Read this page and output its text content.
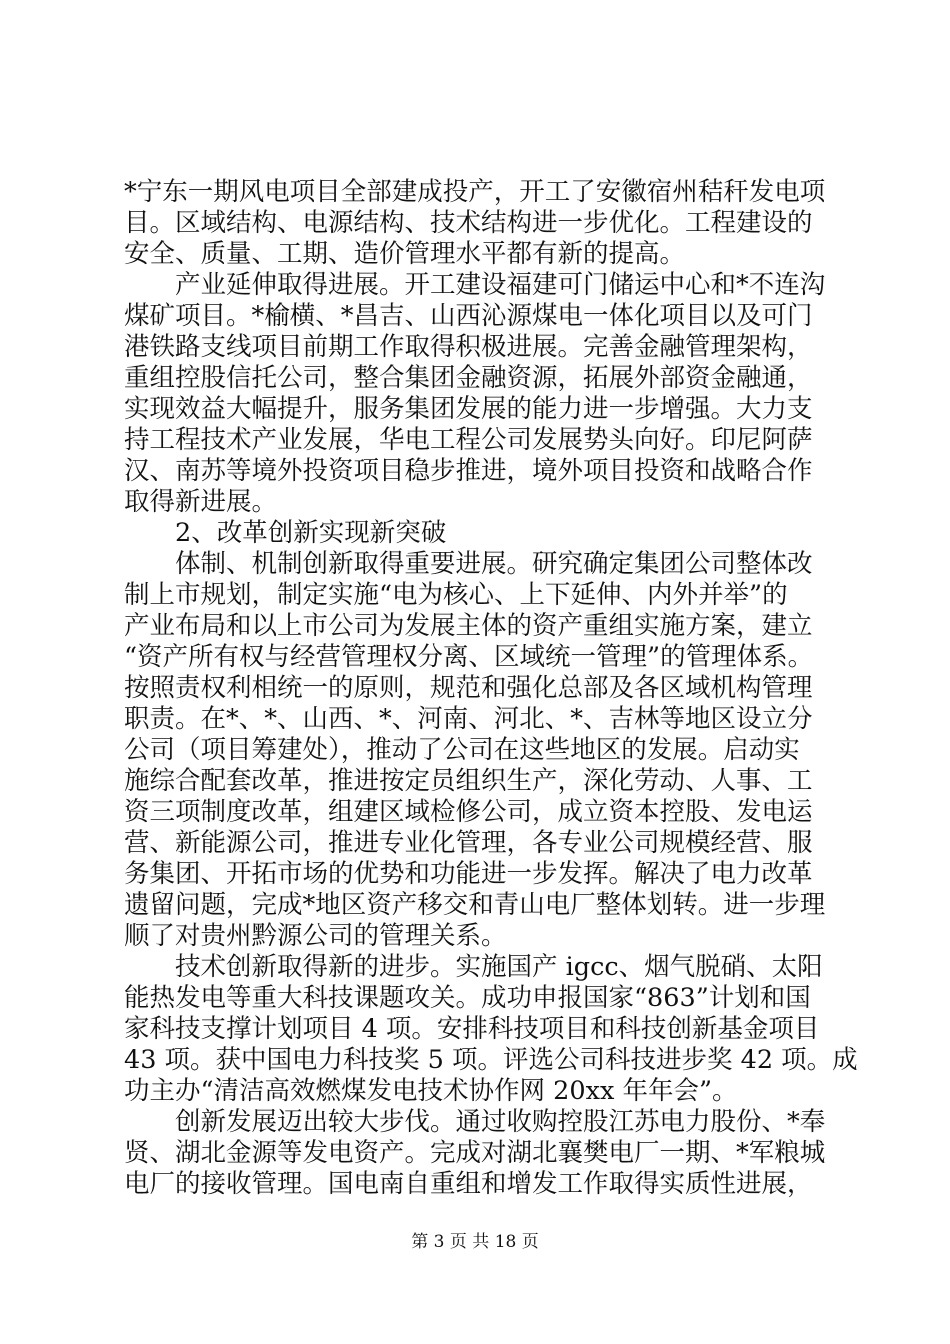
*宁东一期风电项目全部建成投产，开工了安徽宿州秸秆发电项
目。区域结构、电源结构、技术结构进一步优化。工程建设的
安全、质量、工期、造价管理水平都有新的提高。
　　产业延伸取得进展。开工建设福建可门储运中心和*不连沟
煤矿项目。*榆横、*昌吉、山西沁源煤电一体化项目以及可门
港铁路支线项目前期工作取得积极进展。完善金融管理架构，
重组控股信托公司，整合集团金融资源，拓展外部资金融通，
实现效益大幅提升，服务集团发展的能力进一步增强。大力支
持工程技术产业发展，华电工程公司发展势头向好。印尼阿萨
汉、南苏等境外投资项目稳步推进，境外项目投资和战略合作
取得新进展。
　　2、改革创新实现新突破
　　体制、机制创新取得重要进展。研究确定集团公司整体改
制上市规划，制定实施“电为核心、上下延伸、内外并举”的
产业布局和以上市公司为发展主体的资产重组实施方案，建立
“资产所有权与经营管理权分离、区域统一管理”的管理体系。
按照责权利相统一的原则，规范和强化总部及各区域机构管理
职责。在*、*、山西、*、河南、河北、*、吉林等地区设立分
公司（项目筹建处），推动了公司在这些地区的发展。启动实
施综合配套改革，推进按定员组织生产，深化劳动、人事、工
资三项制度改革，组建区域检修公司，成立资本控股、发电运
营、新能源公司，推进专业化管理，各专业公司规模经营、服
务集团、开拓市场的优势和功能进一步发挥。解决了电力改革
遗留问题，完成*地区资产移交和青山电厂整体划转。进一步理
顺了对贵州黔源公司的管理关系。
　　技术创新取得新的进步。实施国产 igcc、烟气脱硝、太阳
能热发电等重大科技课题攻关。成功申报国家“863”计划和国
家科技支撑计划项目 4 项。安排科技项目和科技创新基金项目
43 项。获中国电力科技奖 5 项。评选公司科技进步奖 42 项。成
功主办“清洁高效燃煤发电技术协作网 20xx 年年会”。
　　创新发展迈出较大步伐。通过收购控股江苏电力股份、*奉
贤、湖北金源等发电资产。完成对湖北襄樊电厂一期、*军粮城
电厂的接收管理。国电南自重组和增发工作取得实质性进展，
第 3 页 共 18 页
